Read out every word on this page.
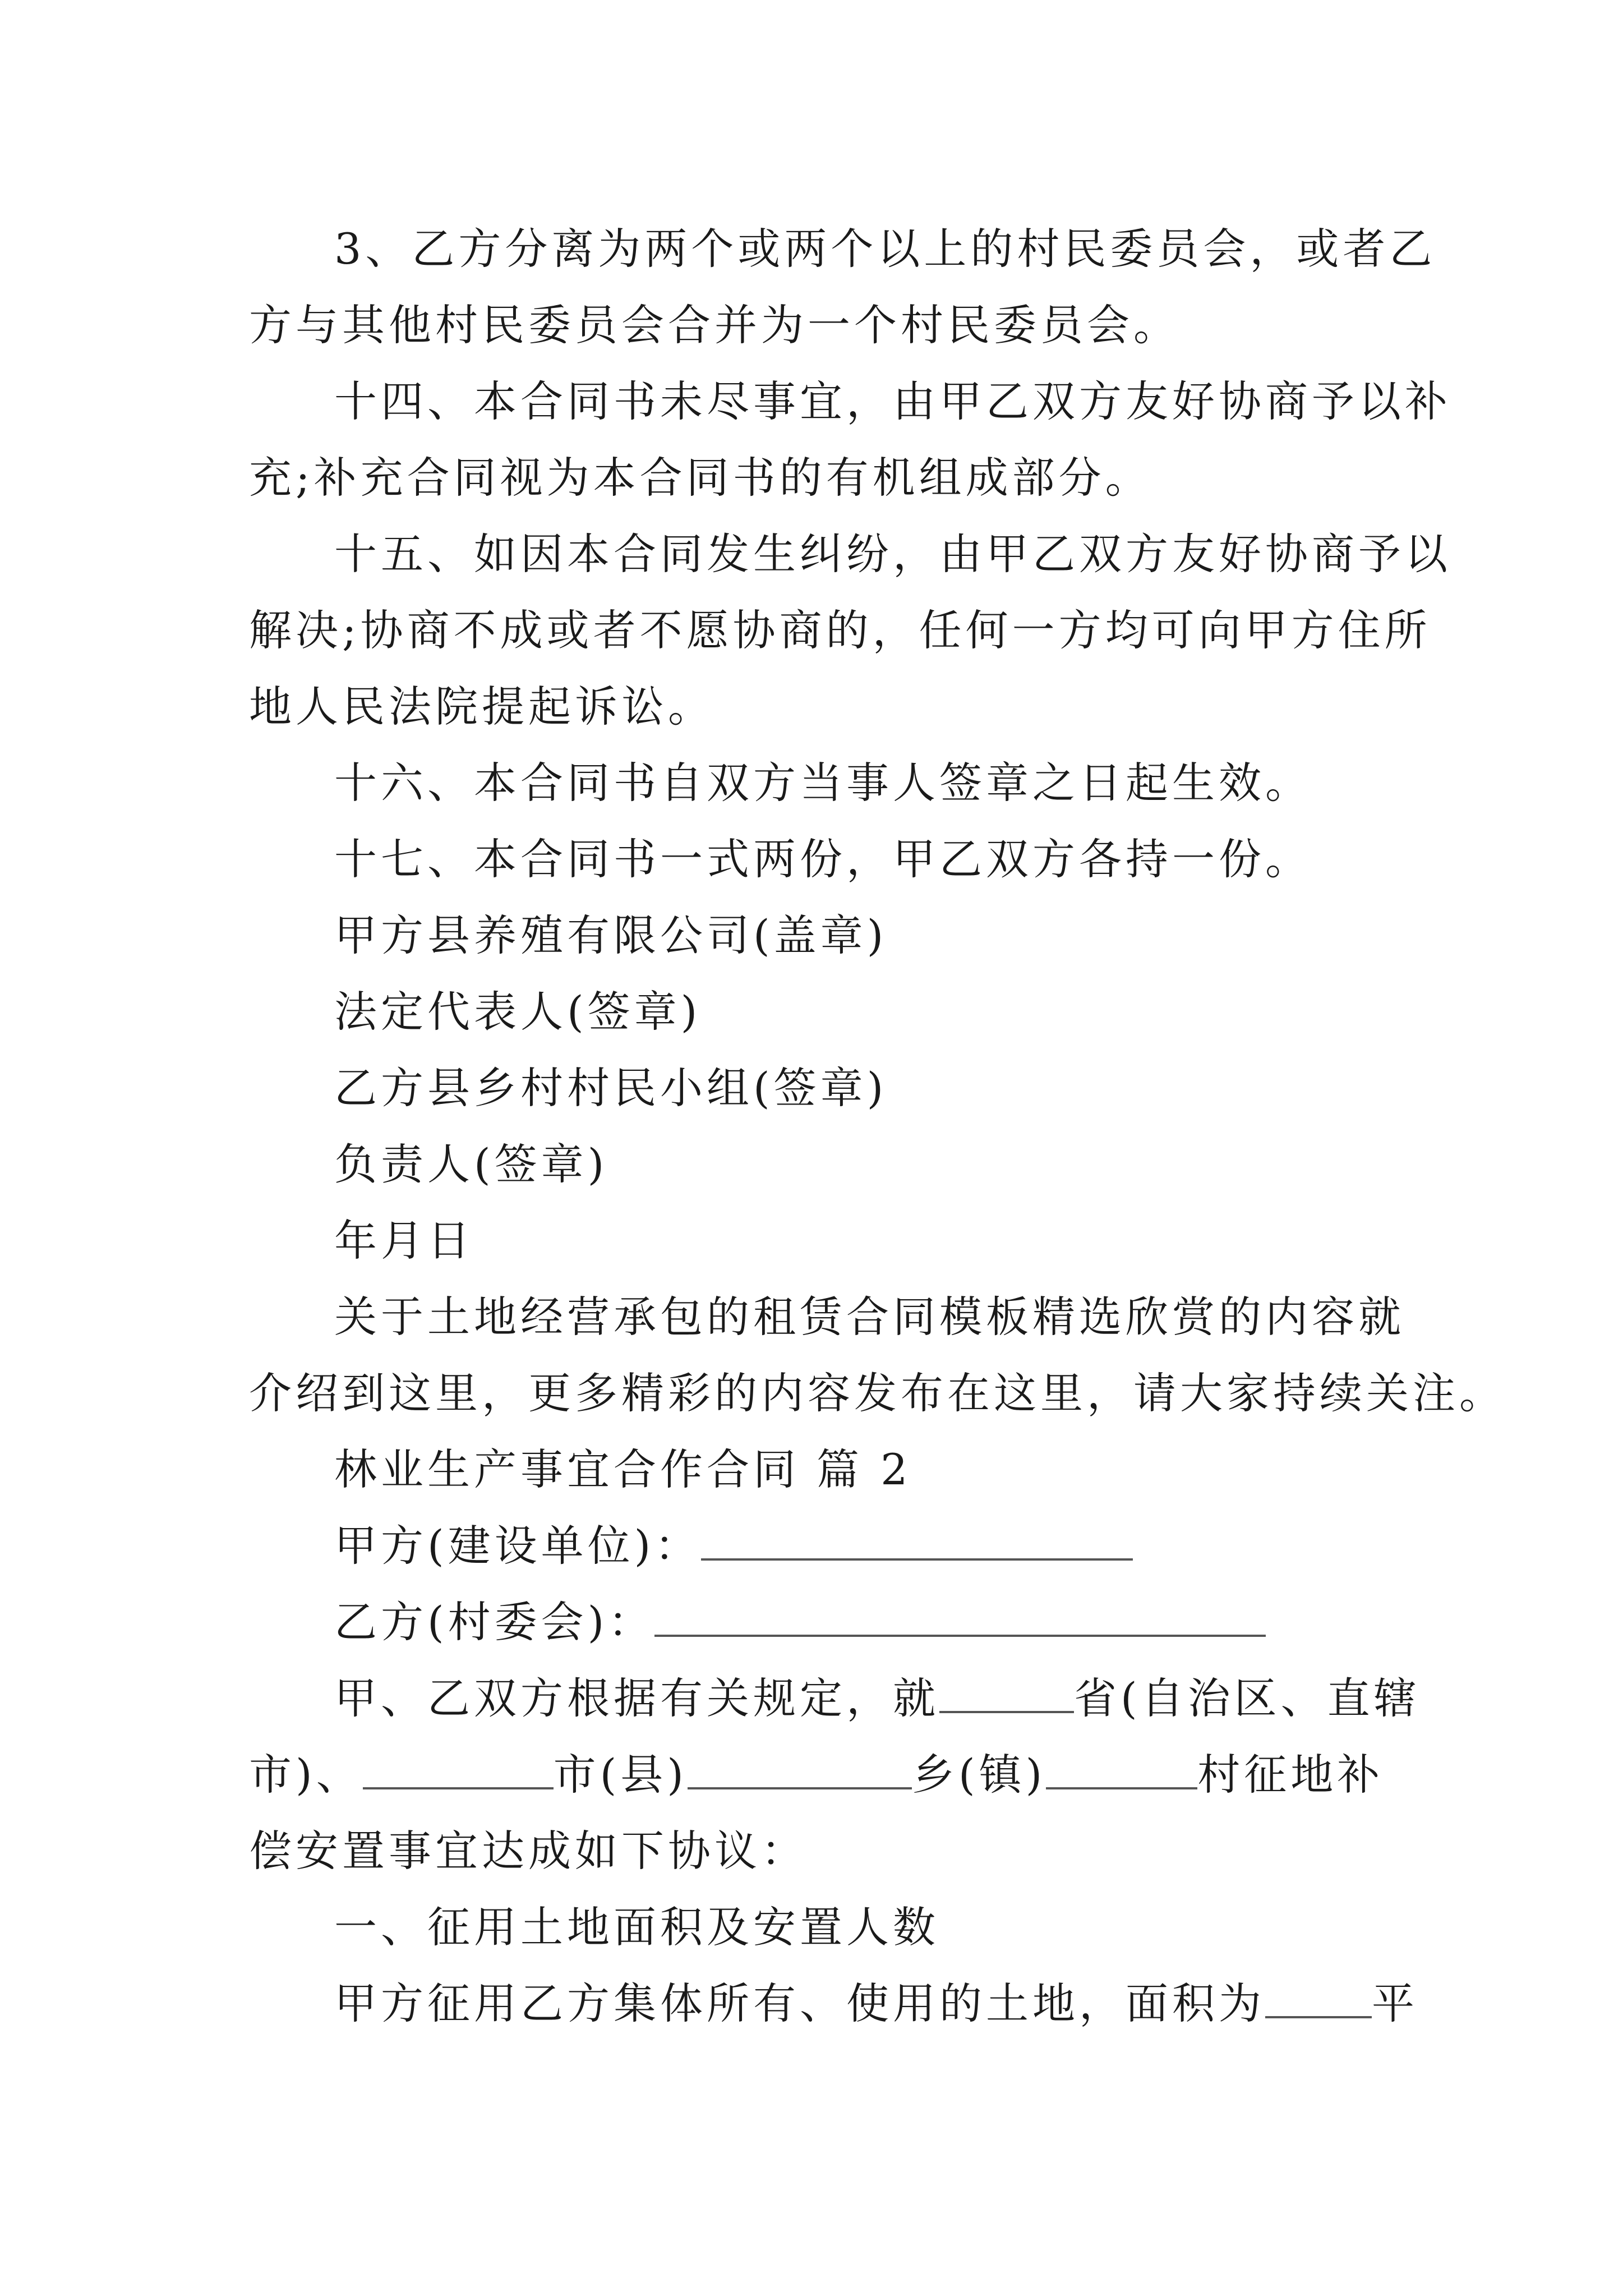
3、乙方分离为两个或两个以上的村民委员会，或者乙
方与其他村民委员会合并为一个村民委员会。
十四、本合同书未尽事宜，由甲乙双方友好协商予以补
充;补充合同视为本合同书的有机组成部分。
十五、如因本合同发生纠纷，由甲乙双方友好协商予以
解决;协商不成或者不愿协商的，任何一方均可向甲方住所
地人民法院提起诉讼。
十六、本合同书自双方当事人签章之日起生效。
十七、本合同书一式两份，甲乙双方各持一份。
甲方县养殖有限公司(盖章)
法定代表人(签章)
乙方县乡村村民小组(签章)
负责人(签章)
年月日
关于土地经营承包的租赁合同模板精选欣赏的内容就
介绍到这里，更多精彩的内容发布在这里，请大家持续关注。
林业生产事宜合作合同 篇 2
甲方(建设单位)：
乙方(村委会)：
甲、乙双方根据有关规定，就	省(自治区、直辖
市)、	市(县)	乡(镇)	村征地补
偿安置事宜达成如下协议：
一、征用土地面积及安置人数
甲方征用乙方集体所有、使用的土地，面积为	平
